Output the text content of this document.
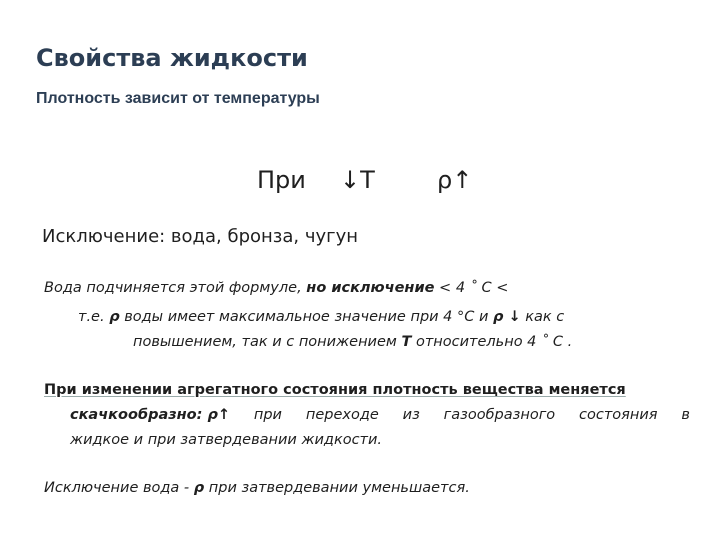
Свойства жидкости
Плотность зависит от температуры
При ↓T	ρ↑
Исключение: вода, бронза, чугун
Вода подчиняется этой формуле, но исключение < 4 ˚ C <
т.е. ρ воды имеет максимальное значение при 4 °C и ρ ↓ как с
повышением, так и с понижением T относительно 4 ˚ C .
При изменении агрегатного состояния плотность вещества меняется
скачкообразно: ρ↑ при переходе из газообразного состояния в
жидкое и при затвердевании жидкости.
Исключение вода - ρ при затвердевании уменьшается.
